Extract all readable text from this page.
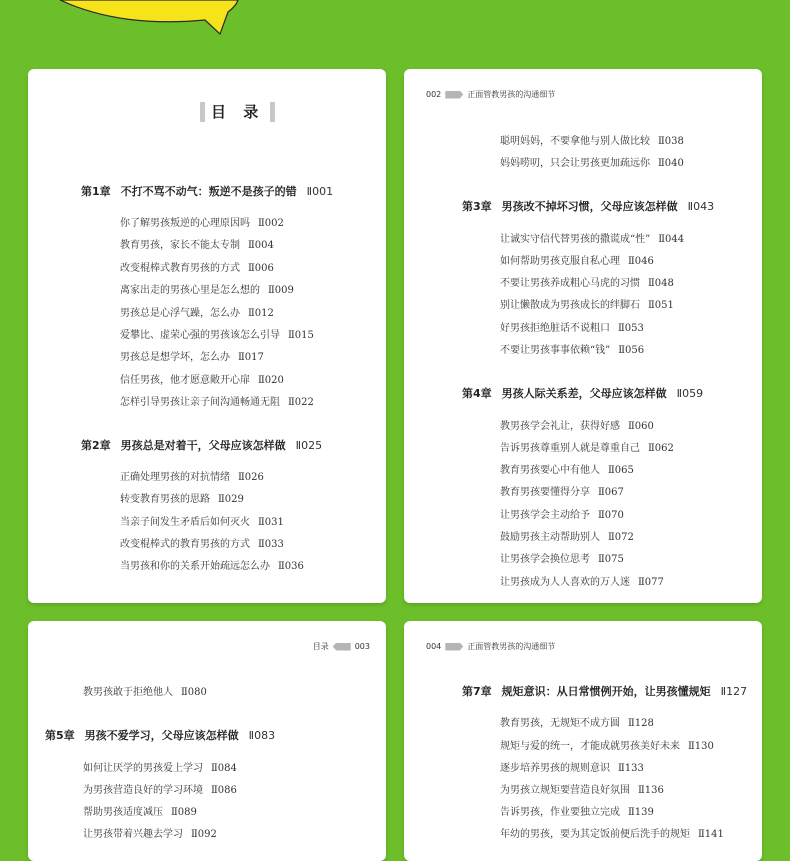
目 录
第1章 不打不骂不动气：叛逆不是孩子的错 Ⅱ001
你了解男孩叛逆的心理原因吗 Ⅱ002
教育男孩，家长不能太专制 Ⅱ004
改变棍棒式教育男孩的方式 Ⅱ006
离家出走的男孩心里是怎么想的 Ⅱ009
男孩总是心浮气躁，怎么办 Ⅱ012
爱攀比、虚荣心强的男孩该怎么引导 Ⅱ015
男孩总是想学坏，怎么办 Ⅱ017
信任男孩，他才愿意敞开心扉 Ⅱ020
怎样引导男孩让亲子间沟通畅通无阻 Ⅱ022
第2章 男孩总是对着干，父母应该怎样做 Ⅱ025
正确处理男孩的对抗情绪 Ⅱ026
转变教育男孩的思路 Ⅱ029
当亲子间发生矛盾后如何灭火 Ⅱ031
改变棍棒式的教育男孩的方式 Ⅱ033
当男孩和你的关系开始疏远怎么办 Ⅱ036
002	正面管教男孩的沟通细节
聪明妈妈，不要拿他与别人做比较 Ⅱ038
妈妈唠叨，只会让男孩更加疏远你 Ⅱ040
第3章 男孩改不掉坏习惯，父母应该怎样做 Ⅱ043
让诚实守信代替男孩的撒谎成“性” Ⅱ044
如何帮助男孩克服自私心理 Ⅱ046
不要让男孩养成粗心马虎的习惯 Ⅱ048
别让懒散成为男孩成长的绊脚石 Ⅱ051
好男孩拒绝脏话不说粗口 Ⅱ053
不要让男孩事事依赖“钱” Ⅱ056
第4章 男孩人际关系差，父母应该怎样做 Ⅱ059
教男孩学会礼让，获得好感 Ⅱ060
告诉男孩尊重别人就是尊重自己 Ⅱ062
教育男孩要心中有他人 Ⅱ065
教育男孩要懂得分享 Ⅱ067
让男孩学会主动给予 Ⅱ070
鼓励男孩主动帮助别人 Ⅱ072
让男孩学会换位思考 Ⅱ075
让男孩成为人人喜欢的万人迷 Ⅱ077
目录	003
教男孩敢于拒绝他人 Ⅱ080
第5章 男孩不爱学习，父母应该怎样做 Ⅱ083
如何让厌学的男孩爱上学习 Ⅱ084
为男孩营造良好的学习环境 Ⅱ086
帮助男孩适度减压 Ⅱ089
让男孩带着兴趣去学习 Ⅱ092
004	正面管教男孩的沟通细节
第7章 规矩意识：从日常惯例开始，让男孩懂规矩 Ⅱ127
教育男孩，无规矩不成方圆 Ⅱ128
规矩与爱的统一，才能成就男孩美好未来 Ⅱ130
逐步培养男孩的规则意识 Ⅱ133
为男孩立规矩要营造良好氛围 Ⅱ136
告诉男孩，作业要独立完成 Ⅱ139
年幼的男孩，要为其定饭前便后洗手的规矩 Ⅱ141
